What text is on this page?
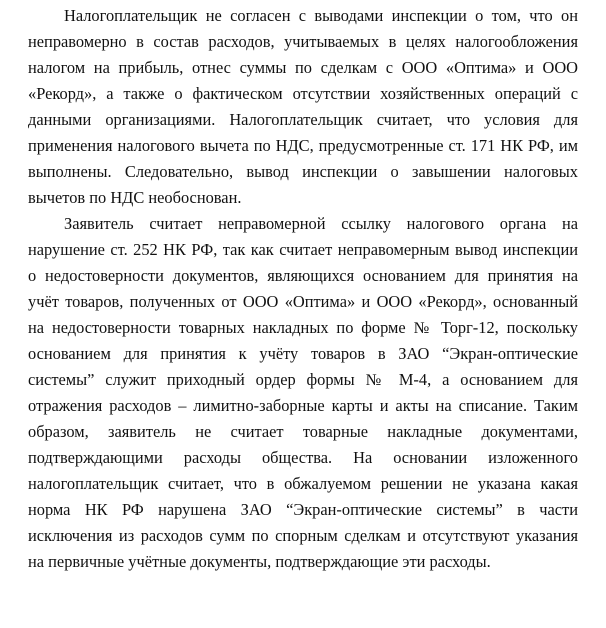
Налогоплательщик не согласен с выводами инспекции о том, что он
неправомерно в состав расходов, учитываемых в целях налогообложения
налогом на прибыль, отнес суммы по сделкам с ООО «Оптима» и ООО
«Рекорд», а также о фактическом отсутствии хозяйственных операций с
данными организациями. Налогоплательщик считает, что условия для
применения налогового вычета по НДС, предусмотренные ст. 171 НК РФ, им
выполнены. Следовательно, вывод инспекции о завышении налоговых
вычетов по НДС необоснован.
Заявитель считает неправомерной ссылку налогового органа на
нарушение ст. 252 НК РФ, так как считает неправомерным вывод инспекции
о недостоверности документов, являющихся основанием для принятия на
учёт товаров, полученных от ООО «Оптима» и ООО «Рекорд», основанный
на недостоверности товарных накладных по форме № Торг-12, поскольку
основанием для принятия к учёту товаров в ЗАО “Экран-оптические
системы” служит приходный ордер формы № М-4, а основанием для
отражения расходов – лимитно-заборные карты и акты на списание. Таким
образом, заявитель не считает товарные накладные документами,
подтверждающими расходы общества. На основании изложенного
налогоплательщик считает, что в обжалуемом решении не указана какая
норма НК РФ нарушена ЗАО “Экран-оптические системы” в части
исключения из расходов сумм по спорным сделкам и отсутствуют указания
на первичные учётные документы, подтверждающие эти расходы.
